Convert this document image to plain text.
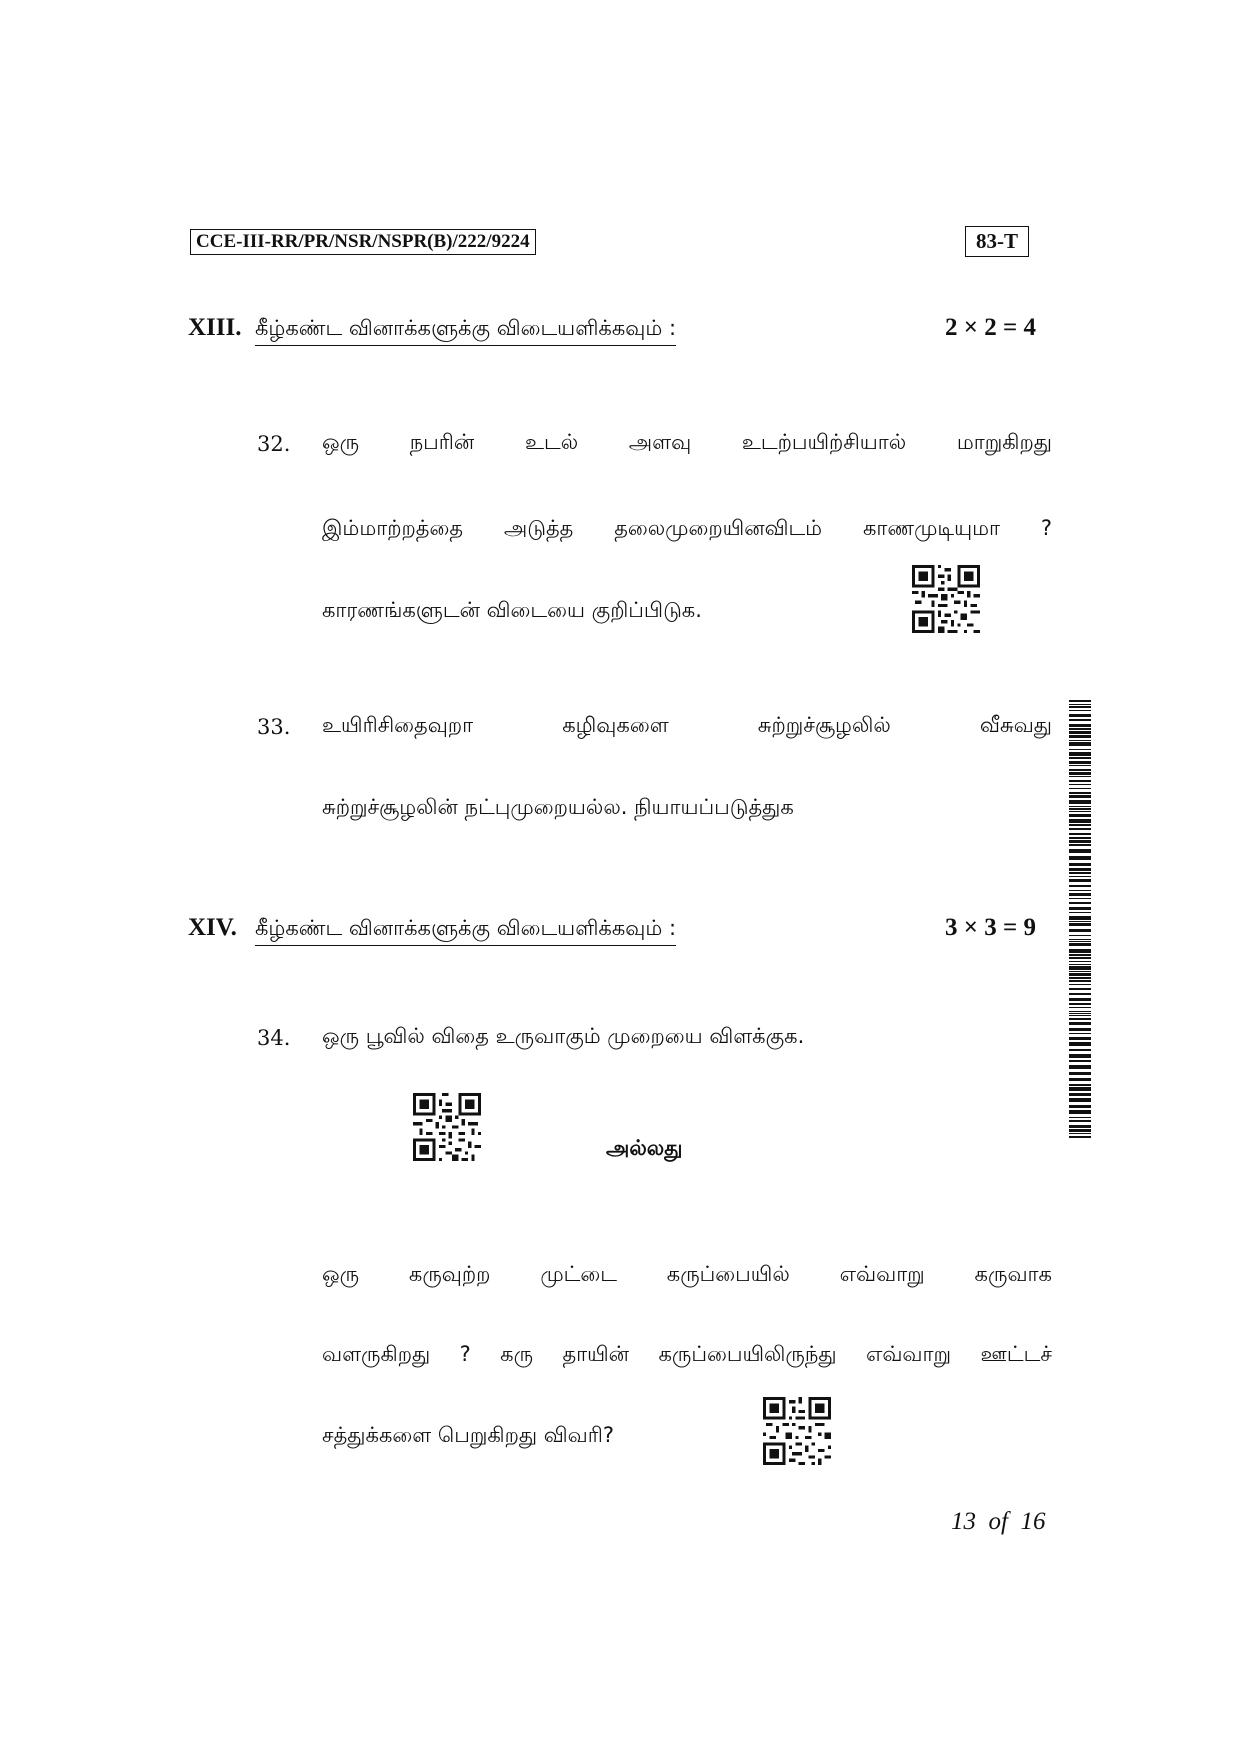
CCE-III-RR/PR/NSR/NSPR(B)/222/9224	83-T
XIII. கீழ்கண்ட வினாக்களுக்கு விடையளிக்கவும் :	2 × 2 = 4
32. ஒரு நபரின் உடல் அளவு உடற்பயிற்சியால் மாறுகிறது
இம்மாற்றத்தை அடுத்த தலைமுறையினவிடம் காணமுடியுமா ?
காரணங்களுடன் விடையை குறிப்பிடுக.
33. உயிரிசிதைவுறா	கழிவுகளை	சுற்றுச்சூழலில்	வீசுவது
சுற்றுச்சூழலின் நட்புமுறையல்ல. நியாயப்படுத்துக
XIV. கீழ்கண்ட வினாக்களுக்கு விடையளிக்கவும் :	3 × 3 = 9
34. ஒரு பூவில் விதை உருவாகும் முறையை விளக்குக.
அல்லது
ஒரு கருவுற்ற முட்டை கருப்பையில் எவ்வாறு கருவாக
வளருகிறது ? கரு தாயின் கருப்பையிலிருந்து எவ்வாறு ஊட்டச்
சத்துக்களை பெறுகிறது விவரி?
13  of  16
